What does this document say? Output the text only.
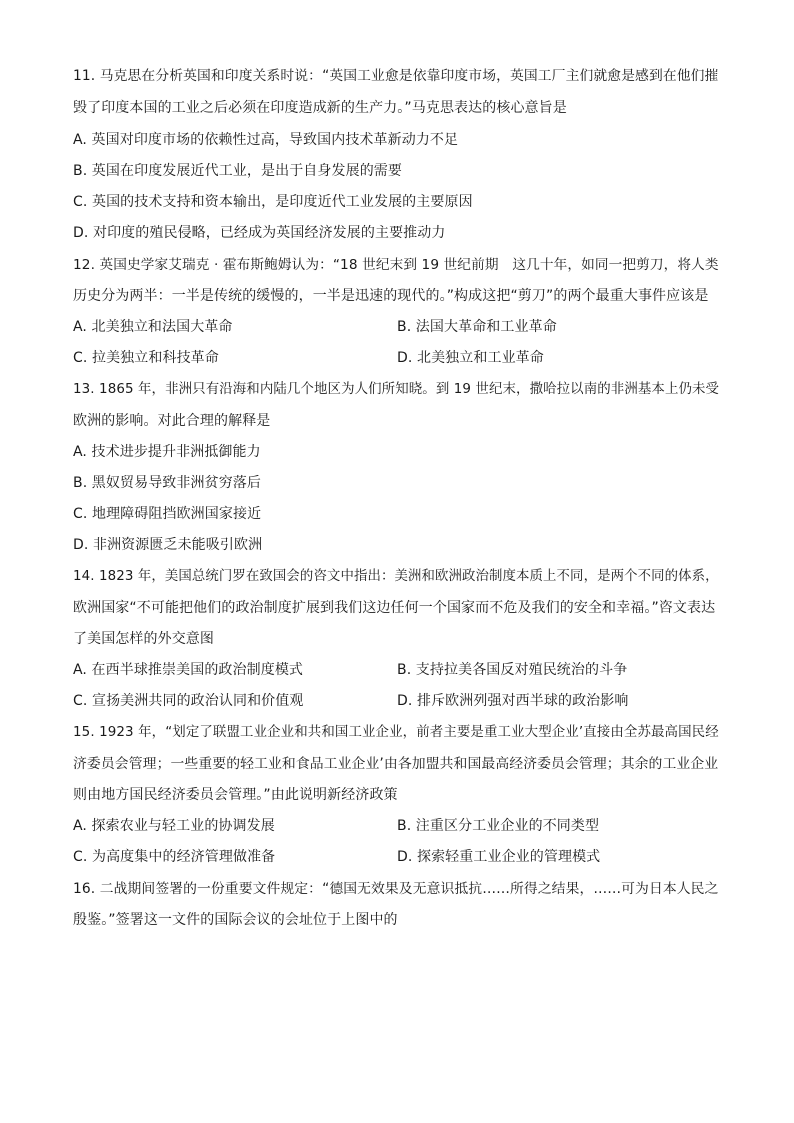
11. 马克思在分析英国和印度关系时说：“英国工业愈是依靠印度市场，英国工厂主们就愈是感到在他们摧
毁了印度本国的工业之后必须在印度造成新的生产力。”马克思表达的核心意旨是
A. 英国对印度市场的依赖性过高，导致国内技术革新动力不足
B. 英国在印度发展近代工业，是出于自身发展的需要
C. 英国的技术支持和资本输出，是印度近代工业发展的主要原因
D. 对印度的殖民侵略，已经成为英国经济发展的主要推动力
12. 英国史学家艾瑞克 · 霍布斯鲍姆认为：“18 世纪末到 19 世纪前期　这几十年，如同一把剪刀，将人类
历史分为两半：一半是传统的缓慢的，一半是迅速的现代的。”构成这把“剪刀”的两个最重大事件应该是
A. 北美独立和法国大革命	B. 法国大革命和工业革命
C. 拉美独立和科技革命	D. 北美独立和工业革命
13. 1865 年，非洲只有沿海和内陆几个地区为人们所知晓。到 19 世纪末，撒哈拉以南的非洲基本上仍未受
欧洲的影响。对此合理的解释是
A. 技术进步提升非洲抵御能力
B. 黑奴贸易导致非洲贫穷落后
C. 地理障碍阻挡欧洲国家接近
D. 非洲资源匮乏未能吸引欧洲
14. 1823 年，美国总统门罗在致国会的咨文中指出：美洲和欧洲政治制度本质上不同，是两个不同的体系，
欧洲国家“不可能把他们的政治制度扩展到我们这边任何一个国家而不危及我们的安全和幸福。”咨文表达
了美国怎样的外交意图
A. 在西半球推崇美国的政治制度模式	B. 支持拉美各国反对殖民统治的斗争
C. 宣扬美洲共同的政治认同和价值观	D. 排斥欧洲列强对西半球的政治影响
15. 1923 年，“划定了联盟工业企业和共和国工业企业，前者主要是重工业大型企业’直接由全苏最高国民经
济委员会管理；一些重要的轻工业和食品工业企业’由各加盟共和国最高经济委员会管理；其余的工业企业
则由地方国民经济委员会管理。”由此说明新经济政策
A. 探索农业与轻工业的协调发展	B. 注重区分工业企业的不同类型
C. 为高度集中的经济管理做准备	D. 探索轻重工业企业的管理模式
16. 二战期间签署的一份重要文件规定：“德国无效果及无意识抵抗……所得之结果，……可为日本人民之
殷鉴。”签署这一文件的国际会议的会址位于上图中的
